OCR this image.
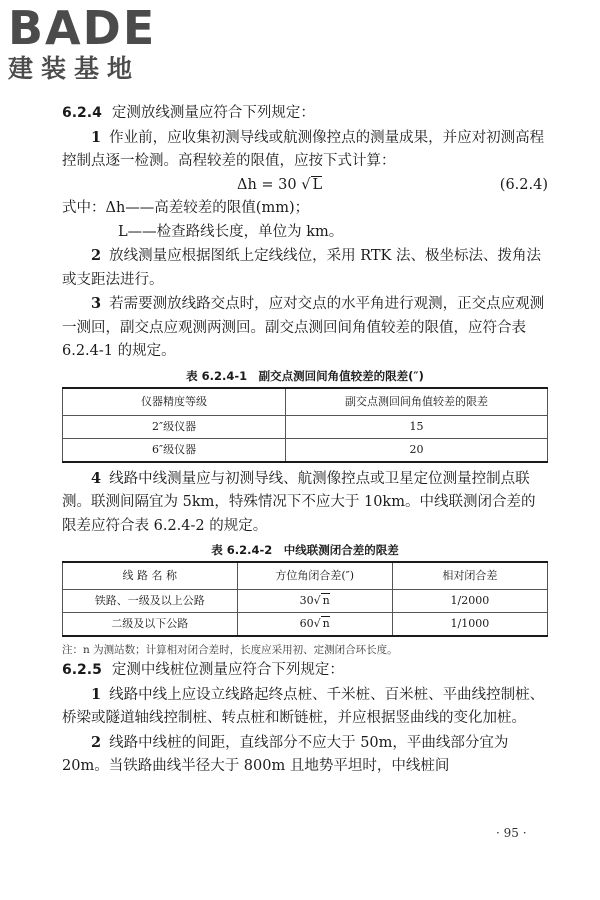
BADE
建装基地

6.2.4 定测放线测量应符合下列规定：

1 作业前，应收集初测导线或航测像控点的测量成果，并应对初测高程控制点逐一检测。高程较差的限值，应按下式计算：

Δh = 30 √ L	(6.2.4)

式中：Δh——高差较差的限值(mm)；

L——检查路线长度，单位为 km。

2 放线测量应根据图纸上定线线位，采用 RTK 法、极坐标法、拨角法或支距法进行。

3 若需要测放线路交点时，应对交点的水平角进行观测，正交点应观测一测回，副交点应观测两测回。副交点测回间角值较差的限值，应符合表 6.2.4-1 的规定。

表 6.2.4-1　副交点测回间角值较差的限差(″)
仪器精度等级	副交点测回间角值较差的限差
2″级仪器	15
6″级仪器	20

4 线路中线测量应与初测导线、航测像控点或卫星定位测量控制点联测。联测间隔宜为 5km，特殊情况下不应大于 10km。中线联测闭合差的限差应符合表 6.2.4-2 的规定。

表 6.2.4-2　中线联测闭合差的限差
线 路 名 称	方位角闭合差(″)	相对闭合差
铁路、一级及以上公路	30√ n	1/2000
二级及以下公路	60√ n	1/1000

注：n 为测站数；计算相对闭合差时，长度应采用初、定测闭合环长度。

6.2.5 定测中线桩位测量应符合下列规定：

1 线路中线上应设立线路起终点桩、千米桩、百米桩、平曲线控制桩、桥梁或隧道轴线控制桩、转点桩和断链桩，并应根据竖曲线的变化加桩。

2 线路中线桩的间距，直线部分不应大于 50m，平曲线部分宜为 20m。当铁路曲线半径大于 800m 且地势平坦时，中线桩间

· 95 ·
